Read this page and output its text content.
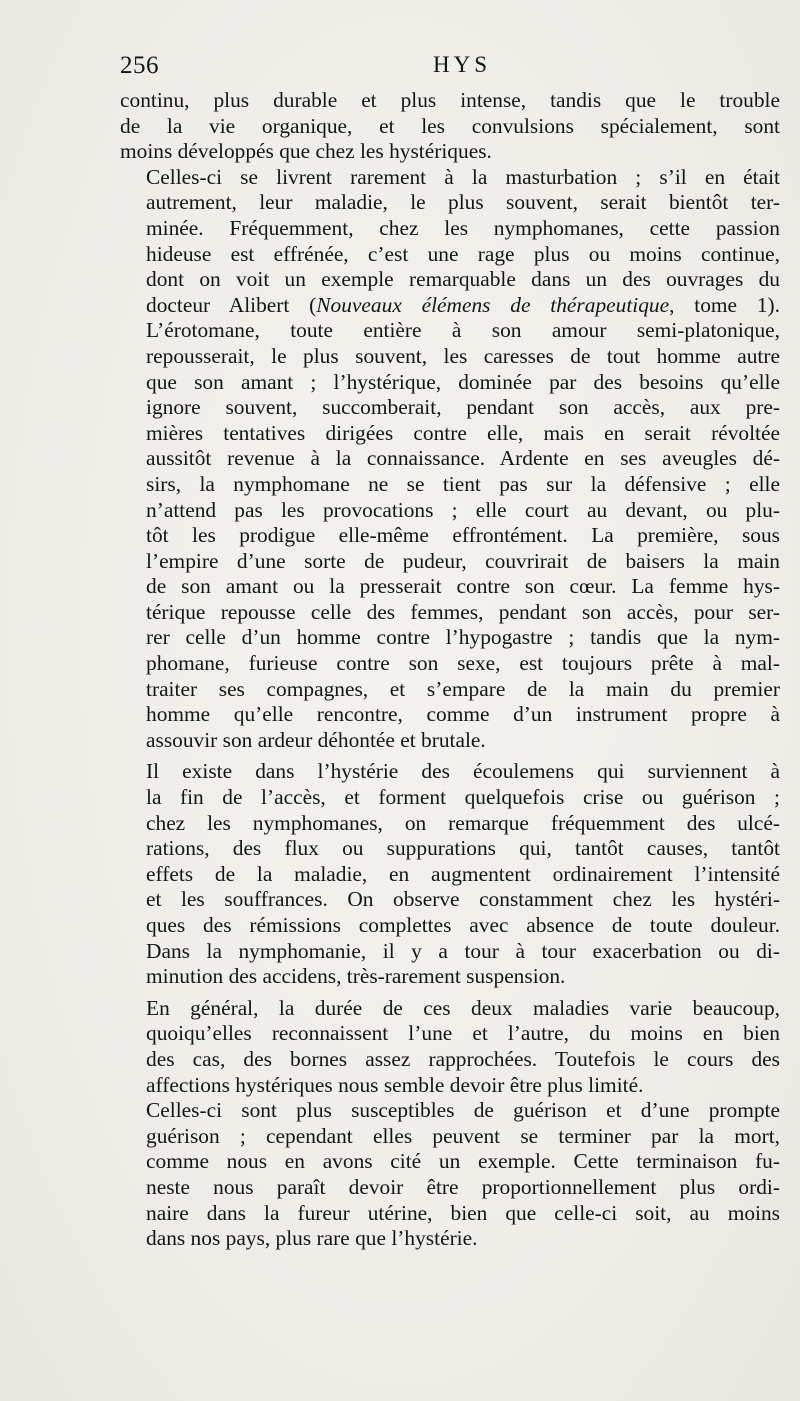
256	HYS

continu, plus durable et plus intense, tandis que le trouble
de la vie organique, et les convulsions spécialement, sont
moins développés que chez les hystériques.

Celles-ci se livrent rarement à la masturbation ; s’il en était
autrement, leur maladie, le plus souvent, serait bientôt ter-
minée. Fréquemment, chez les nymphomanes, cette passion
hideuse est effrénée, c’est une rage plus ou moins continue,
dont on voit un exemple remarquable dans un des ouvrages du
docteur Alibert (Nouveaux élémens de thérapeutique, tome 1).

L’érotomane, toute entière à son amour semi-platonique,
repousserait, le plus souvent, les caresses de tout homme autre
que son amant ; l’hystérique, dominée par des besoins qu’elle
ignore souvent, succomberait, pendant son accès, aux pre-
mières tentatives dirigées contre elle, mais en serait révoltée
aussitôt revenue à la connaissance. Ardente en ses aveugles dé-
sirs, la nymphomane ne se tient pas sur la défensive ; elle
n’attend pas les provocations ; elle court au devant, ou plu-
tôt les prodigue elle-même effrontément. La première, sous
l’empire d’une sorte de pudeur, couvrirait de baisers la main
de son amant ou la presserait contre son cœur. La femme hys-
térique repousse celle des femmes, pendant son accès, pour ser-
rer celle d’un homme contre l’hypogastre ; tandis que la nym-
phomane, furieuse contre son sexe, est toujours prête à mal-
traiter ses compagnes, et s’empare de la main du premier
homme qu’elle rencontre, comme d’un instrument propre à
assouvir son ardeur déhontée et brutale.

Il existe dans l’hystérie des écoulemens qui surviennent à
la fin de l’accès, et forment quelquefois crise ou guérison ;
chez les nymphomanes, on remarque fréquemment des ulcé-
rations, des flux ou suppurations qui, tantôt causes, tantôt
effets de la maladie, en augmentent ordinairement l’intensité
et les souffrances. On observe constamment chez les hystéri-
ques des rémissions complettes avec absence de toute douleur.
Dans la nymphomanie, il y a tour à tour exacerbation ou di-
minution des accidens, très-rarement suspension.

En général, la durée de ces deux maladies varie beaucoup,
quoiqu’elles reconnaissent l’une et l’autre, du moins en bien
des cas, des bornes assez rapprochées. Toutefois le cours des
affections hystériques nous semble devoir être plus limité.

Celles-ci sont plus susceptibles de guérison et d’une prompte
guérison ; cependant elles peuvent se terminer par la mort,
comme nous en avons cité un exemple. Cette terminaison fu-
neste nous paraît devoir être proportionnellement plus ordi-
naire dans la fureur utérine, bien que celle-ci soit, au moins
dans nos pays, plus rare que l’hystérie.
